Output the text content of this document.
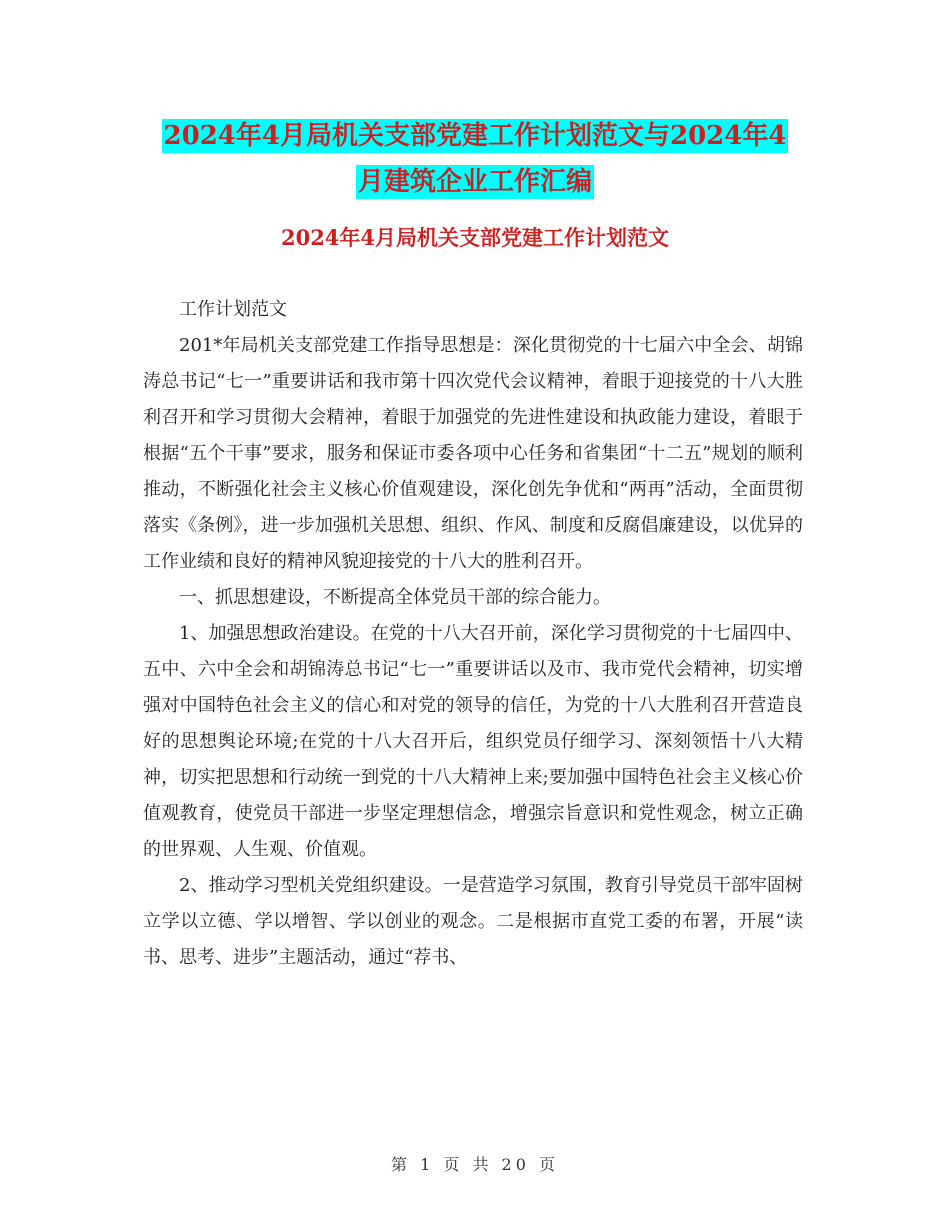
2024年4月局机关支部党建工作计划范文与2024年4
月建筑企业工作汇编
2024年4月局机关支部党建工作计划范文

工作计划范文

201*年局机关支部党建工作指导思想是：深化贯彻党的十七届六中全会、胡锦涛总书记“七一”重要讲话和我市第十四次党代会议精神，着眼于迎接党的十八大胜利召开和学习贯彻大会精神，着眼于加强党的先进性建设和执政能力建设，着眼于根据“五个干事”要求，服务和保证市委各项中心任务和省集团“十二五”规划的顺利推动，不断强化社会主义核心价值观建设，深化创先争优和“两再”活动，全面贯彻落实《条例》，进一步加强机关思想、组织、作风、制度和反腐倡廉建设，以优异的工作业绩和良好的精神风貌迎接党的十八大的胜利召开。

一、抓思想建设，不断提高全体党员干部的综合能力。

1、加强思想政治建设。在党的十八大召开前，深化学习贯彻党的十七届四中、五中、六中全会和胡锦涛总书记“七一”重要讲话以及市、我市党代会精神，切实增强对中国特色社会主义的信心和对党的领导的信任，为党的十八大胜利召开营造良好的思想舆论环境;在党的十八大召开后，组织党员仔细学习、深刻领悟十八大精神，切实把思想和行动统一到党的十八大精神上来;要加强中国特色社会主义核心价值观教育，使党员干部进一步坚定理想信念，增强宗旨意识和党性观念，树立正确的世界观、人生观、价值观。

2、推动学习型机关党组织建设。一是营造学习氛围，教育引导党员干部牢固树立学以立德、学以增智、学以创业的观念。二是根据市直党工委的布署，开展“读书、思考、进步”主题活动，通过“荐书、

第 1 页 共 20 页
